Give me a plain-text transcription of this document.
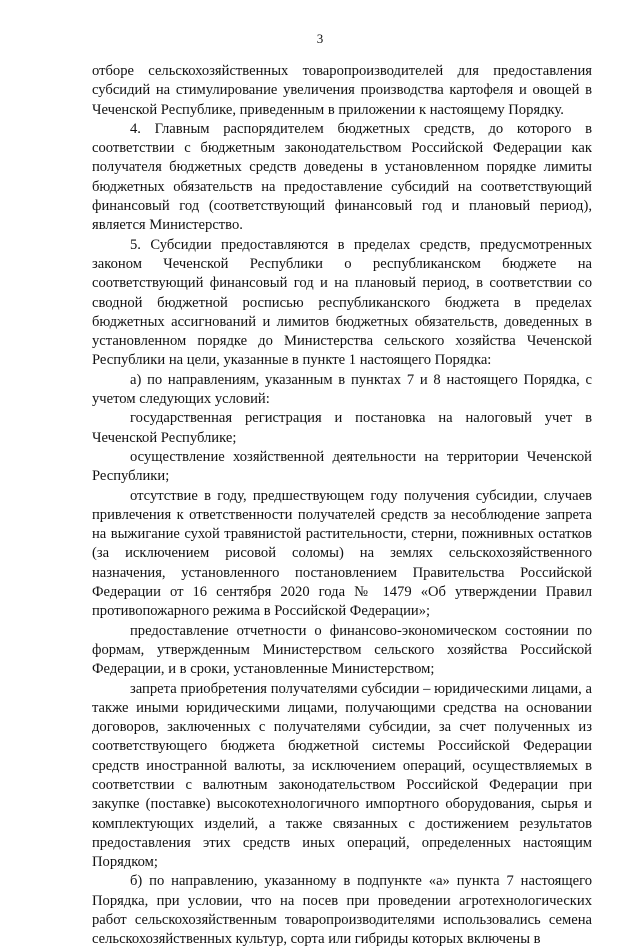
3

отборе сельскохозяйственных товаропроизводителей для предоставления субсидий на стимулирование увеличения производства картофеля и овощей в Чеченской Республике, приведенным в приложении к настоящему Порядку.

4. Главным распорядителем бюджетных средств, до которого в соответствии с бюджетным законодательством Российской Федерации как получателя бюджетных средств доведены в установленном порядке лимиты бюджетных обязательств на предоставление субсидий на соответствующий финансовый год (соответствующий финансовый год и плановый период), является Министерство.

5. Субсидии предоставляются в пределах средств, предусмотренных законом Чеченской Республики о республиканском бюджете на соответствующий финансовый год и на плановый период, в соответствии со сводной бюджетной росписью республиканского бюджета в пределах бюджетных ассигнований и лимитов бюджетных обязательств, доведенных в установленном порядке до Министерства сельского хозяйства Чеченской Республики на цели, указанные в пункте 1 настоящего Порядка:

а) по направлениям, указанным в пунктах 7 и 8 настоящего Порядка, с учетом следующих условий:

государственная регистрация и постановка на налоговый учет в Чеченской Республике;

осуществление хозяйственной деятельности на территории Чеченской Республики;

отсутствие в году, предшествующем году получения субсидии, случаев привлечения к ответственности получателей средств за несоблюдение запрета на выжигание сухой травянистой растительности, стерни, пожнивных остатков (за исключением рисовой соломы) на землях сельскохозяйственного назначения, установленного постановлением Правительства Российской Федерации от 16 сентября 2020 года № 1479 «Об утверждении Правил противопожарного режима в Российской Федерации»;

предоставление отчетности о финансово-экономическом состоянии по формам, утвержденным Министерством сельского хозяйства Российской Федерации, и в сроки, установленные Министерством;

запрета приобретения получателями субсидии – юридическими лицами, а также иными юридическими лицами, получающими средства на основании договоров, заключенных с получателями субсидии, за счет полученных из соответствующего бюджета бюджетной системы Российской Федерации средств иностранной валюты, за исключением операций, осуществляемых в соответствии с валютным законодательством Российской Федерации при закупке (поставке) высокотехнологичного импортного оборудования, сырья и комплектующих изделий, а также связанных с достижением результатов предоставления этих средств иных операций, определенных настоящим Порядком;

б) по направлению, указанному в подпункте «а» пункта 7 настоящего Порядка, при условии, что на посев при проведении агротехнологических работ сельскохозяйственным товаропроизводителями использовались семена сельскохозяйственных культур, сорта или гибриды которых включены в
